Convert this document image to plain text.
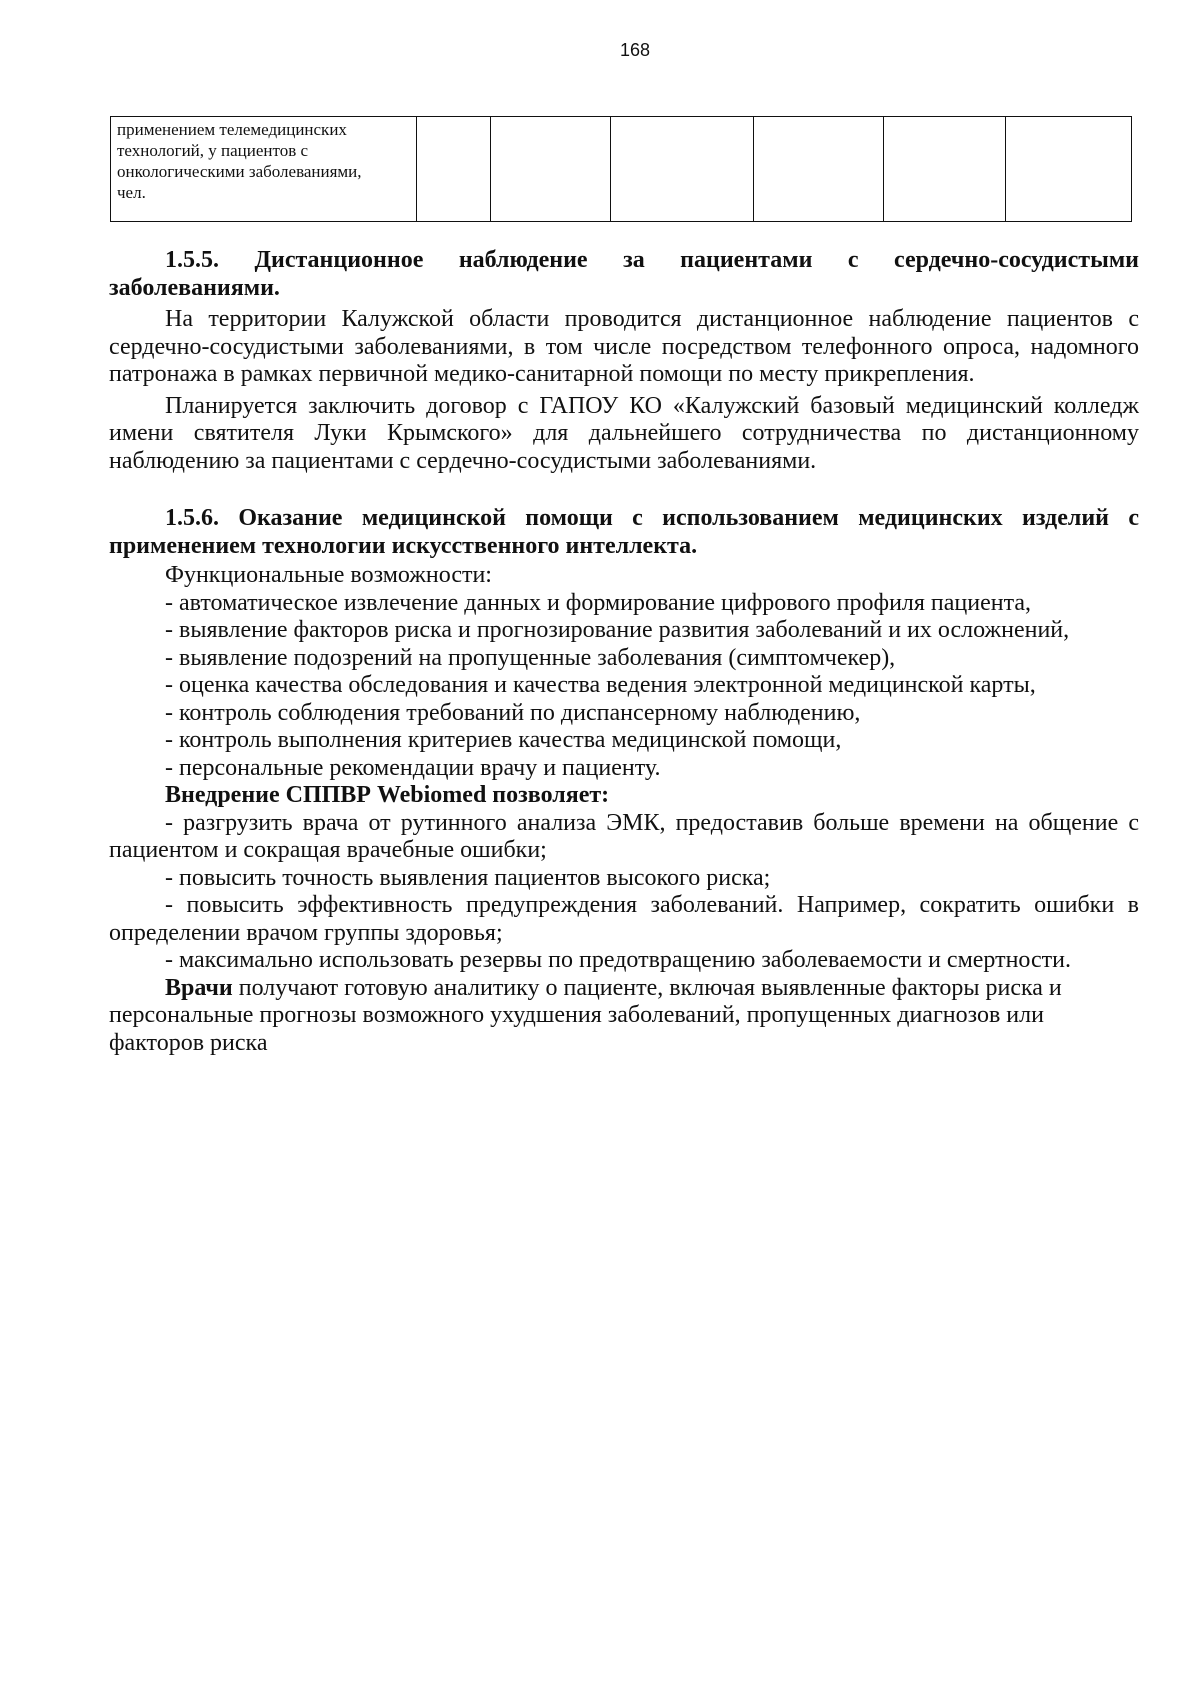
168
применением телемедицинских
технологий, у пациентов с
онкологическими заболеваниями,
чел.

1.5.5. Дистанционное наблюдение за пациентами с сердечно-сосудистыми заболеваниями.

На территории Калужской области проводится дистанционное наблюдение пациентов с сердечно-сосудистыми заболеваниями, в том числе посредством телефонного опроса, надомного патронажа в рамках первичной медико-санитарной помощи по месту прикрепления.

Планируется заключить договор с ГАПОУ КО «Калужский базовый медицинский колледж имени святителя Луки Крымского» для дальнейшего сотрудничества по дистанционному наблюдению за пациентами с сердечно-сосудистыми заболеваниями.

1.5.6. Оказание медицинской помощи с использованием медицинских изделий с применением технологии искусственного интеллекта.

Функциональные возможности:

- автоматическое извлечение данных и формирование цифрового профиля пациента,

- выявление факторов риска и прогнозирование развития заболеваний и их осложнений,

- выявление подозрений на пропущенные заболевания (симптомчекер),

- оценка качества обследования и качества ведения электронной медицинской карты,

- контроль соблюдения требований по диспансерному наблюдению,

- контроль выполнения критериев качества медицинской помощи,

- персональные рекомендации врачу и пациенту.

Внедрение СППВР Webiomed позволяет:

- разгрузить врача от рутинного анализа ЭМК, предоставив больше времени на общение с пациентом и сокращая врачебные ошибки;

- повысить точность выявления пациентов высокого риска;

- повысить эффективность предупреждения заболеваний. Например, сократить ошибки в определении врачом группы здоровья;

- максимально использовать резервы по предотвращению заболеваемости и смертности.

Врачи получают готовую аналитику о пациенте, включая выявленные факторы риска и персональные прогнозы возможного ухудшения заболеваний, пропущенных диагнозов или факторов риска
